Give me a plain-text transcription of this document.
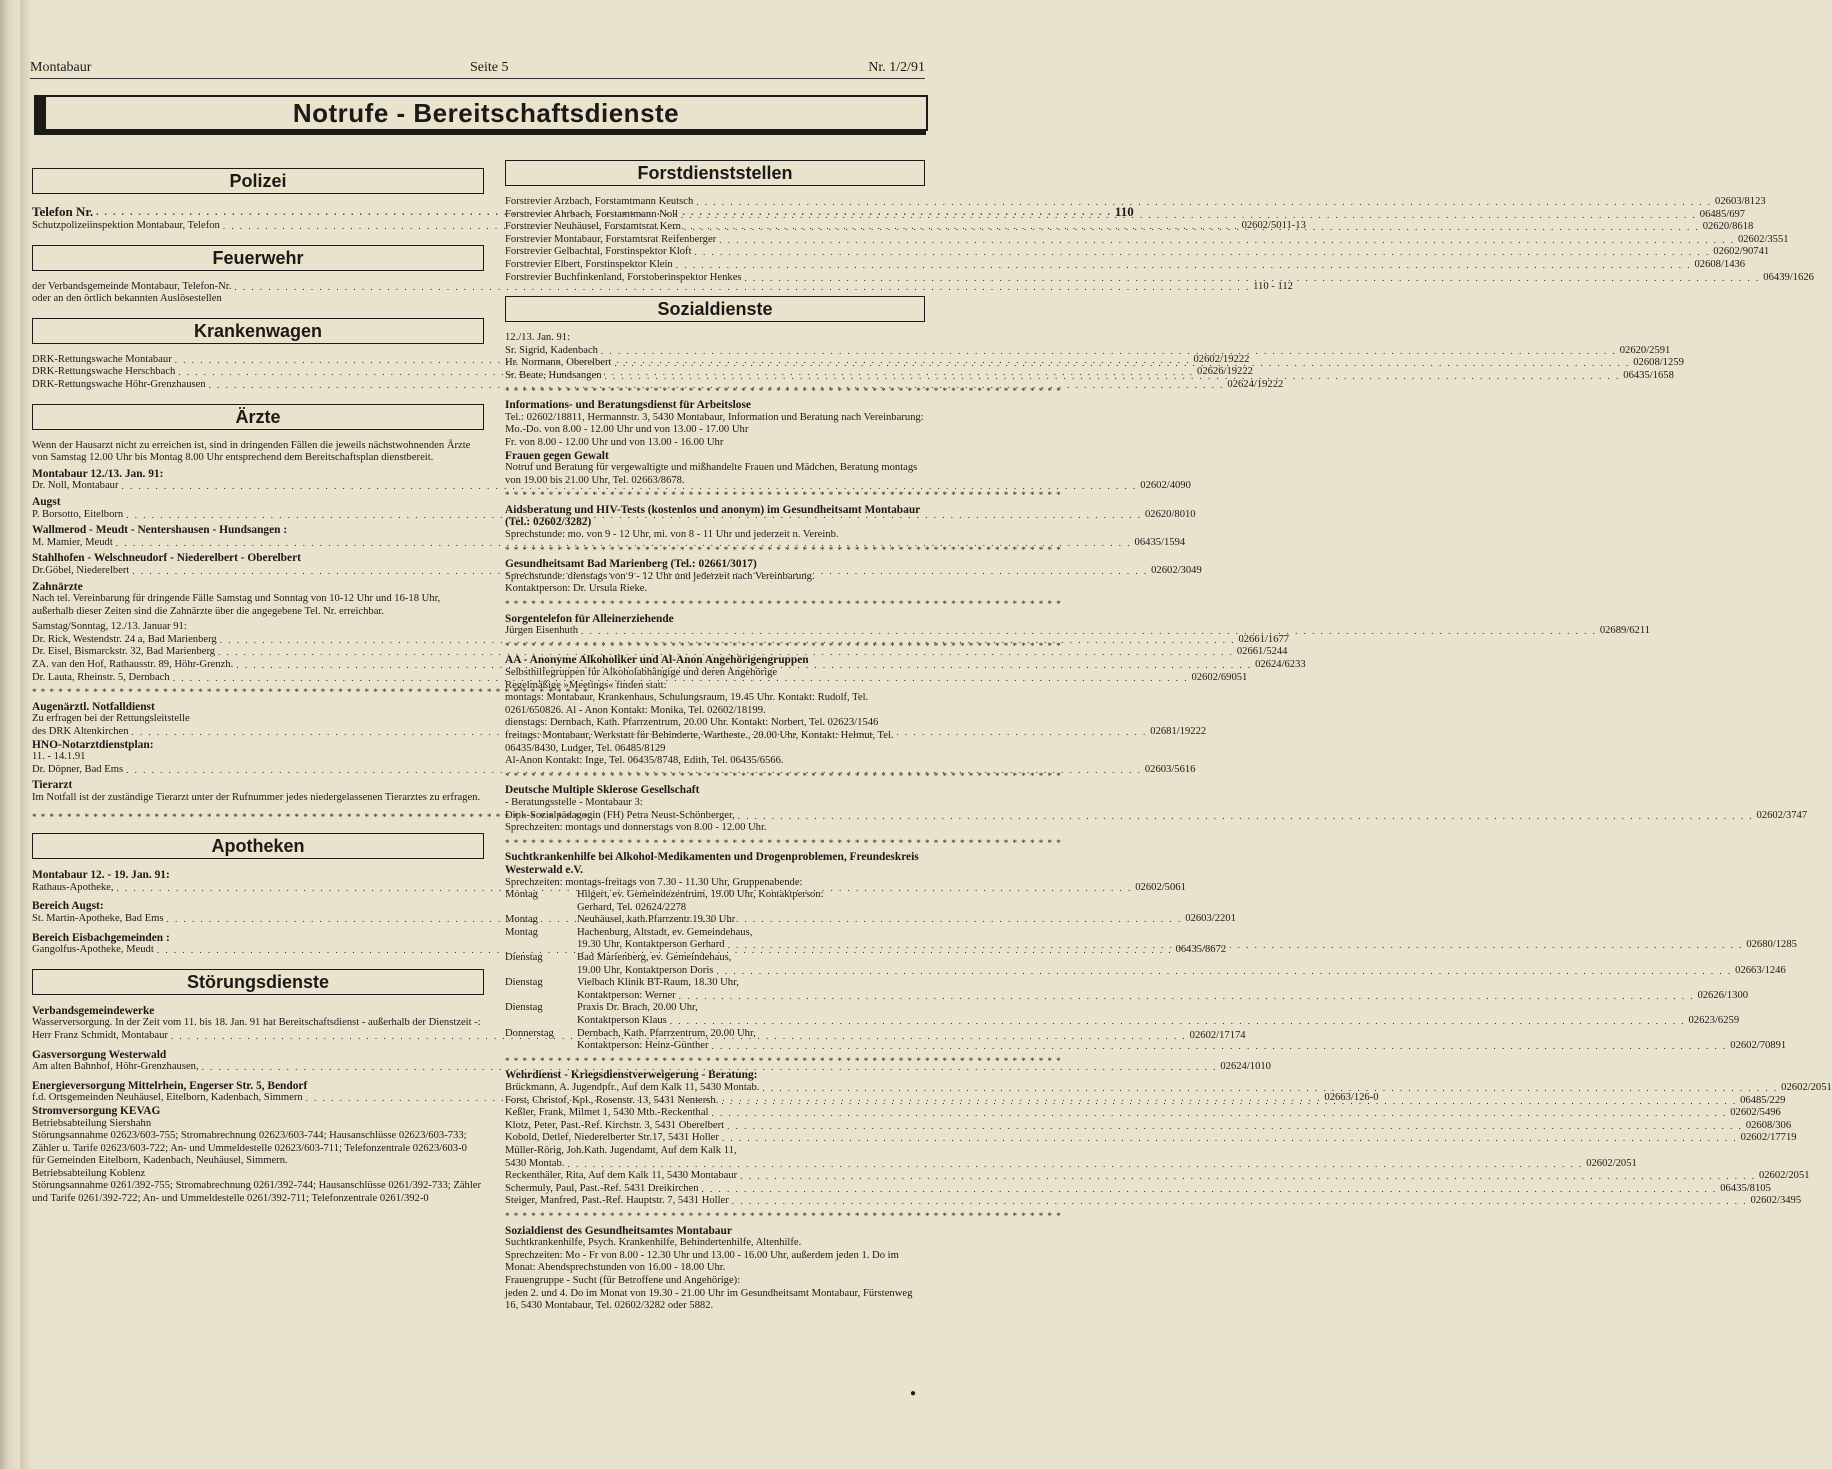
Montabaur	Seite 5	Nr. 1/2/91
Notrufe - Bereitschaftsdienste
Polizei
Telefon Nr. . . .	110
Schutzpolizeiinspektion Montabaur, Telefon . . .	02602/5011-13
Feuerwehr
der Verbandsgemeinde Montabaur, Telefon-Nr. . . .	110 - 112

oder an den örtlich bekannten Auslösestellen

Krankenwagen
DRK-Rettungswache Montabaur . . .	02602/19222
DRK-Rettungswache Herschbach . . .	02626/19222
DRK-Rettungswache Höhr-Grenzhausen . . .	02624/19222
Ärzte

Wenn der Hausarzt nicht zu erreichen ist, sind in dringenden Fällen die jeweils nächstwohnenden Ärzte von Samstag 12.00 Uhr bis Montag 8.00 Uhr entsprechend dem Bereitschaftsplan dienstbereit.

Montabaur 12./13. Jan. 91:
Dr. Noll, Montabaur . . .	02602/4090
Augst
P. Borsotto, Eitelborn . . .	02620/8010
Wallmerod - Meudt - Nentershausen - Hundsangen :
M. Mamier, Meudt . . .	06435/1594
Stahlhofen - Welschneudorf - Niederelbert - Oberelbert
Dr.Göbel, Niederelbert . . .	02602/3049
Zahnärzte

Nach tel. Vereinbarung für dringende Fälle Samstag und Sonntag von 10-12 Uhr und 16-18 Uhr, außerhalb dieser Zeiten sind die Zahnärzte über die angegebene Tel. Nr. erreichbar.

Samstag/Sonntag, 12./13. Januar 91:

Dr. Rick, Westendstr. 24 a, Bad Marienberg . . .	02661/1677
Dr. Eisel, Bismarckstr. 32, Bad Marienberg . . .	02661/5244
ZA. van den Hof, Rathausstr. 89, Höhr-Grenzh. . . .	02624/6233
Dr. Lauta, Rheinstr. 5, Dernbach . . .	02602/69051
* * * * * * * * * * * * * * * * * * * * * * * * * * * * * * * * * * * * * * * * * * * * * * * * * * * * * * * * * * * * * * * *
Augenärztl. Notfalldienst

Zu erfragen bei der Rettungsleitstelle

des DRK Altenkirchen . . .	02681/19222
HNO-Notarztdienstplan:

11. - 14.1.91

Dr. Döpner, Bad Ems . . .	02603/5616
Tierarzt

Im Notfall ist der zuständige Tierarzt unter der Rufnummer jedes niedergelassenen Tierarztes zu erfragen.

* * * * * * * * * * * * * * * * * * * * * * * * * * * * * * * * * * * * * * * * * * * * * * * * * * * * * * * * * * * * * * * *
Apotheken
Montabaur 12. - 19. Jan. 91:
Rathaus-Apotheke, . . .	02602/5061
Bereich Augst:
St. Martin-Apotheke, Bad Ems . . .	02603/2201
Bereich Eisbachgemeinden :
Gangolfus-Apotheke, Meudt . . .	06435/8672
Störungsdienste
Verbandsgemeindewerke

Wasserversorgung. In der Zeit vom 11. bis 18. Jan. 91 hat Bereitschaftsdienst - außerhalb der Dienstzeit -:

Herr Franz Schmidt, Montabaur . . .	02602/17174
Gasversorgung Westerwald
Am alten Bahnhof, Höhr-Grenzhausen, . . .	02624/1010
Energieversorgung Mittelrhein, Engerser Str. 5, Bendorf
f.d. Ortsgemeinden Neuhäusel, Eitelborn, Kadenbach, Simmern . . .	02663/126-0
Stromversorgung KEVAG

Betriebsabteilung Siershahn

Störungsannahme 02623/603-755; Stromabrechnung 02623/603-744; Hausanschlüsse 02623/603-733; Zähler u. Tarife 02623/603-722; An- und Ummeldestelle 02623/603-711; Telefonzentrale 02623/603-0

für Gemeinden Eitelborn, Kadenbach, Neuhäusel, Simmern.

Betriebsabteilung Koblenz

Störungsannahme 0261/392-755; Stromabrechnung 0261/392-744; Hausanschlüsse 0261/392-733; Zähler und Tarife 0261/392-722; An- und Ummeldestelle 0261/392-711; Telefonzentrale 0261/392-0

Forstdienststellen
Forstrevier Arzbach, Forstamtmann Keutsch . . .	02603/8123
Forstrevier Ahrbach, Forstamtmann Noll . . .	06485/697
Forstrevier Neuhäusel, Forstamtsrat Kern . . .	02620/8618
Forstrevier Montabaur, Forstamtsrat Reifenberger . . .	02602/3551
Forstrevier Gelbachtal, Forstinspektor Kloft . . .	02602/90741
Forstrevier Elbert, Forstinspektor Klein . . .	02608/1436
Forstrevier Buchfinkenland, Forstoberinspektor Henkes . . .	06439/1626
Sozialdienste

12./13. Jan. 91:

Sr. Sigrid, Kadenbach . . .	02620/2591
Hr. Normann, Oberelbert . . .	02608/1259
Sr. Beate, Hundsangen . . .	06435/1658
* * * * * * * * * * * * * * * * * * * * * * * * * * * * * * * * * * * * * * * * * * * * * * * * * * * * * * * * * * * * * * * *
Informations- und Beratungsdienst für Arbeitslose

Tel.: 02602/18811, Hermannstr. 3, 5430 Montabaur, Information und Beratung nach Vereinbarung:

Mo.-Do. von 8.00 - 12.00 Uhr und von 13.00 - 17.00 Uhr

Fr. von 8.00 - 12.00 Uhr und von 13.00 - 16.00 Uhr

Frauen gegen Gewalt

Notruf und Beratung für vergewaltigte und mißhandelte Frauen und Mädchen, Beratung montags von 19.00 bis 21.00 Uhr, Tel. 02663/8678.

* * * * * * * * * * * * * * * * * * * * * * * * * * * * * * * * * * * * * * * * * * * * * * * * * * * * * * * * * * * * * * * *
Aidsberatung und HIV-Tests (kostenlos und anonym) im Gesundheitsamt Montabaur (Tel.: 02602/3282)

Sprechstunde: mo. von 9 - 12 Uhr, mi. von 8 - 11 Uhr und jederzeit n. Vereinb.

* * * * * * * * * * * * * * * * * * * * * * * * * * * * * * * * * * * * * * * * * * * * * * * * * * * * * * * * * * * * * * * *
Gesundheitsamt Bad Marienberg (Tel.: 02661/3017)

Sprechstunde: dienstags von 9 - 12 Uhr und jederzeit nach Vereinbarung.

Kontaktperson: Dr. Ursula Rieke.

* * * * * * * * * * * * * * * * * * * * * * * * * * * * * * * * * * * * * * * * * * * * * * * * * * * * * * * * * * * * * * * *
Sorgentelefon für Alleinerziehende
Jürgen Eisenhuth . . .	02689/6211
* * * * * * * * * * * * * * * * * * * * * * * * * * * * * * * * * * * * * * * * * * * * * * * * * * * * * * * * * * * * * * * *
AA - Anonyme Alkoholiker und Al-Anon Angehörigengruppen

Selbsthilfegruppen für Alkoholabhängige und deren Angehörige

Regelmäßige »Meetings« finden statt:

montags: Montabaur, Krankenhaus, Schulungsraum, 19.45 Uhr. Kontakt: Rudolf, Tel. 0261/650826. Al - Anon Kontakt: Monika, Tel. 02602/18199.

dienstags: Dernbach, Kath. Pfarrzentrum, 20.00 Uhr. Kontakt: Norbert, Tel. 02623/1546

freitags: Montabaur, Werkstatt für Behinderte, Wartheste., 20.00 Uhr, Kontakt: Helmut, Tel. 06435/8430, Ludger, Tel. 06485/8129

Al-Anon Kontakt: Inge, Tel. 06435/8748, Edith, Tel. 06435/6566.

* * * * * * * * * * * * * * * * * * * * * * * * * * * * * * * * * * * * * * * * * * * * * * * * * * * * * * * * * * * * * * * *
Deutsche Multiple Sklerose Gesellschaft

- Beratungsstelle - Montabaur 3:

Dipl.-Sozialpädagogin (FH) Petra Neust-Schönberger, . . .	02602/3747

Sprechzeiten: montags und donnerstags von 8.00 - 12.00 Uhr.

* * * * * * * * * * * * * * * * * * * * * * * * * * * * * * * * * * * * * * * * * * * * * * * * * * * * * * * * * * * * * * * *
Suchtkrankenhilfe bei Alkohol-Medikamenten und Drogenproblemen, Freundeskreis Westerwald e.V.

Sprechzeiten: montags-freitags von 7.30 - 11.30 Uhr, Gruppenabende:

Montag	Hilgert, ev. Gemeindezentrum, 19.00 Uhr, Kontaktperson:
Gerhard, Tel. 02624/2278
Montag	Neuhäusel, kath.Pfarrzentr.19.30 Uhr
Montag	Hachenburg, Altstadt, ev. Gemeindehaus,
19.30 Uhr, Kontaktperson Gerhard . . .	02680/1285
Dienstag	Bad Marienberg, ev. Gemeindehaus,
19.00 Uhr, Kontaktperson Doris . . .	02663/1246
Dienstag	Vielbach Klinik BT-Raum, 18.30 Uhr,
Kontaktperson: Werner . . .	02626/1300
Dienstag	Praxis Dr. Brach, 20.00 Uhr,
Kontaktperson Klaus . . .	02623/6259
Donnerstag	Dernbach, Kath. Pfarrzentrum, 20.00 Uhr,
Kontaktperson: Heinz-Günther . . .	02602/70891
* * * * * * * * * * * * * * * * * * * * * * * * * * * * * * * * * * * * * * * * * * * * * * * * * * * * * * * * * * * * * * * *
Wehrdienst - Kriegsdienstverweigerung - Beratung:
Brückmann, A. Jugendpfr., Auf dem Kalk 11, 5430 Montab. . . .	02602/2051
Forst, Christof, Kpl., Rosenstr. 13, 5431 Nentersh. . . .	06485/229
Keßler, Frank, Milmet 1, 5430 Mtb.-Reckenthal . . .	02602/5496
Klotz, Peter, Past.-Ref. Kirchstr. 3, 5431 Oberelbert . . .	02608/306
Kobold, Detlef, Niederelberter Str.17, 5431 Holler . . .	02602/17719

Müller-Rörig, Joh.Kath. Jugendamt, Auf dem Kalk 11,

5430 Montab. . . .	02602/2051
Reckenthäler, Rita, Auf dem Kalk 11, 5430 Montabaur . . .	02602/2051
Schermuly, Paul, Past.-Ref. 5431 Dreikirchen . . .	06435/8105
Steiger, Manfred, Past.-Ref. Hauptstr. 7, 5431 Holler . . .	02602/3495
* * * * * * * * * * * * * * * * * * * * * * * * * * * * * * * * * * * * * * * * * * * * * * * * * * * * * * * * * * * * * * * *
Sozialdienst des Gesundheitsamtes Montabaur

Suchtkrankenhilfe, Psych. Krankenhilfe, Behindertenhilfe, Altenhilfe.

Sprechzeiten: Mo - Fr von 8.00 - 12.30 Uhr und 13.00 - 16.00 Uhr, außerdem jeden 1. Do im Monat: Abendsprechstunden von 16.00 - 18.00 Uhr.

Frauengruppe - Sucht (für Betroffene und Angehörige):

jeden 2. und 4. Do im Monat von 19.30 - 21.00 Uhr im Gesundheitsamt Montabaur, Fürstenweg 16, 5430 Montabaur, Tel. 02602/3282 oder 5882.

●
